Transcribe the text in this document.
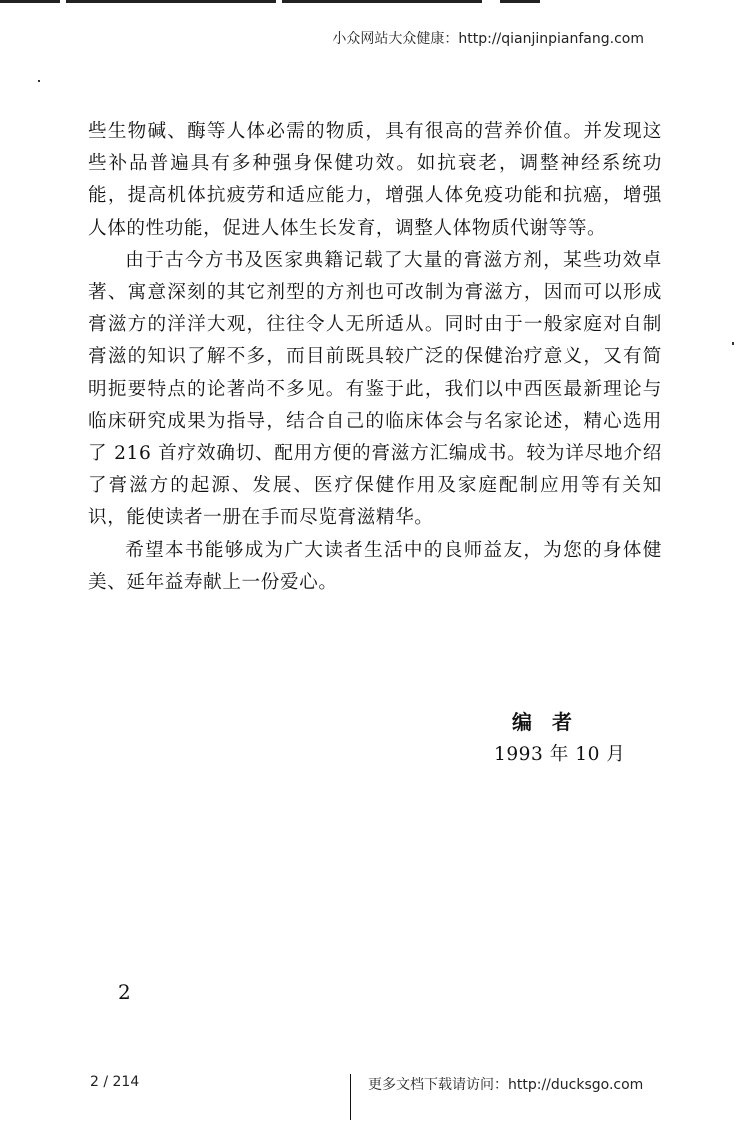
小众网站大众健康：http://qianjinpianfang.com

些生物碱、酶等人体必需的物质，具有很高的营养价值。并发现这些补品普遍具有多种强身保健功效。如抗衰老，调整神经系统功能，提高机体抗疲劳和适应能力，增强人体免疫功能和抗癌，增强人体的性功能，促进人体生长发育，调整人体物质代谢等等。

由于古今方书及医家典籍记载了大量的膏滋方剂，某些功效卓著、寓意深刻的其它剂型的方剂也可改制为膏滋方，因而可以形成膏滋方的洋洋大观，往往令人无所适从。同时由于一般家庭对自制膏滋的知识了解不多，而目前既具较广泛的保健治疗意义，又有简明扼要特点的论著尚不多见。有鉴于此，我们以中西医最新理论与临床研究成果为指导，结合自己的临床体会与名家论述，精心选用了 216 首疗效确切、配用方便的膏滋方汇编成书。较为详尽地介绍了膏滋方的起源、发展、医疗保健作用及家庭配制应用等有关知识，能使读者一册在手而尽览膏滋精华。

希望本书能够成为广大读者生活中的良师益友，为您的身体健美、延年益寿献上一份爱心。

编者
1993 年 10 月
2
2 / 214	更多文档下载请访问：http://ducksgo.com
